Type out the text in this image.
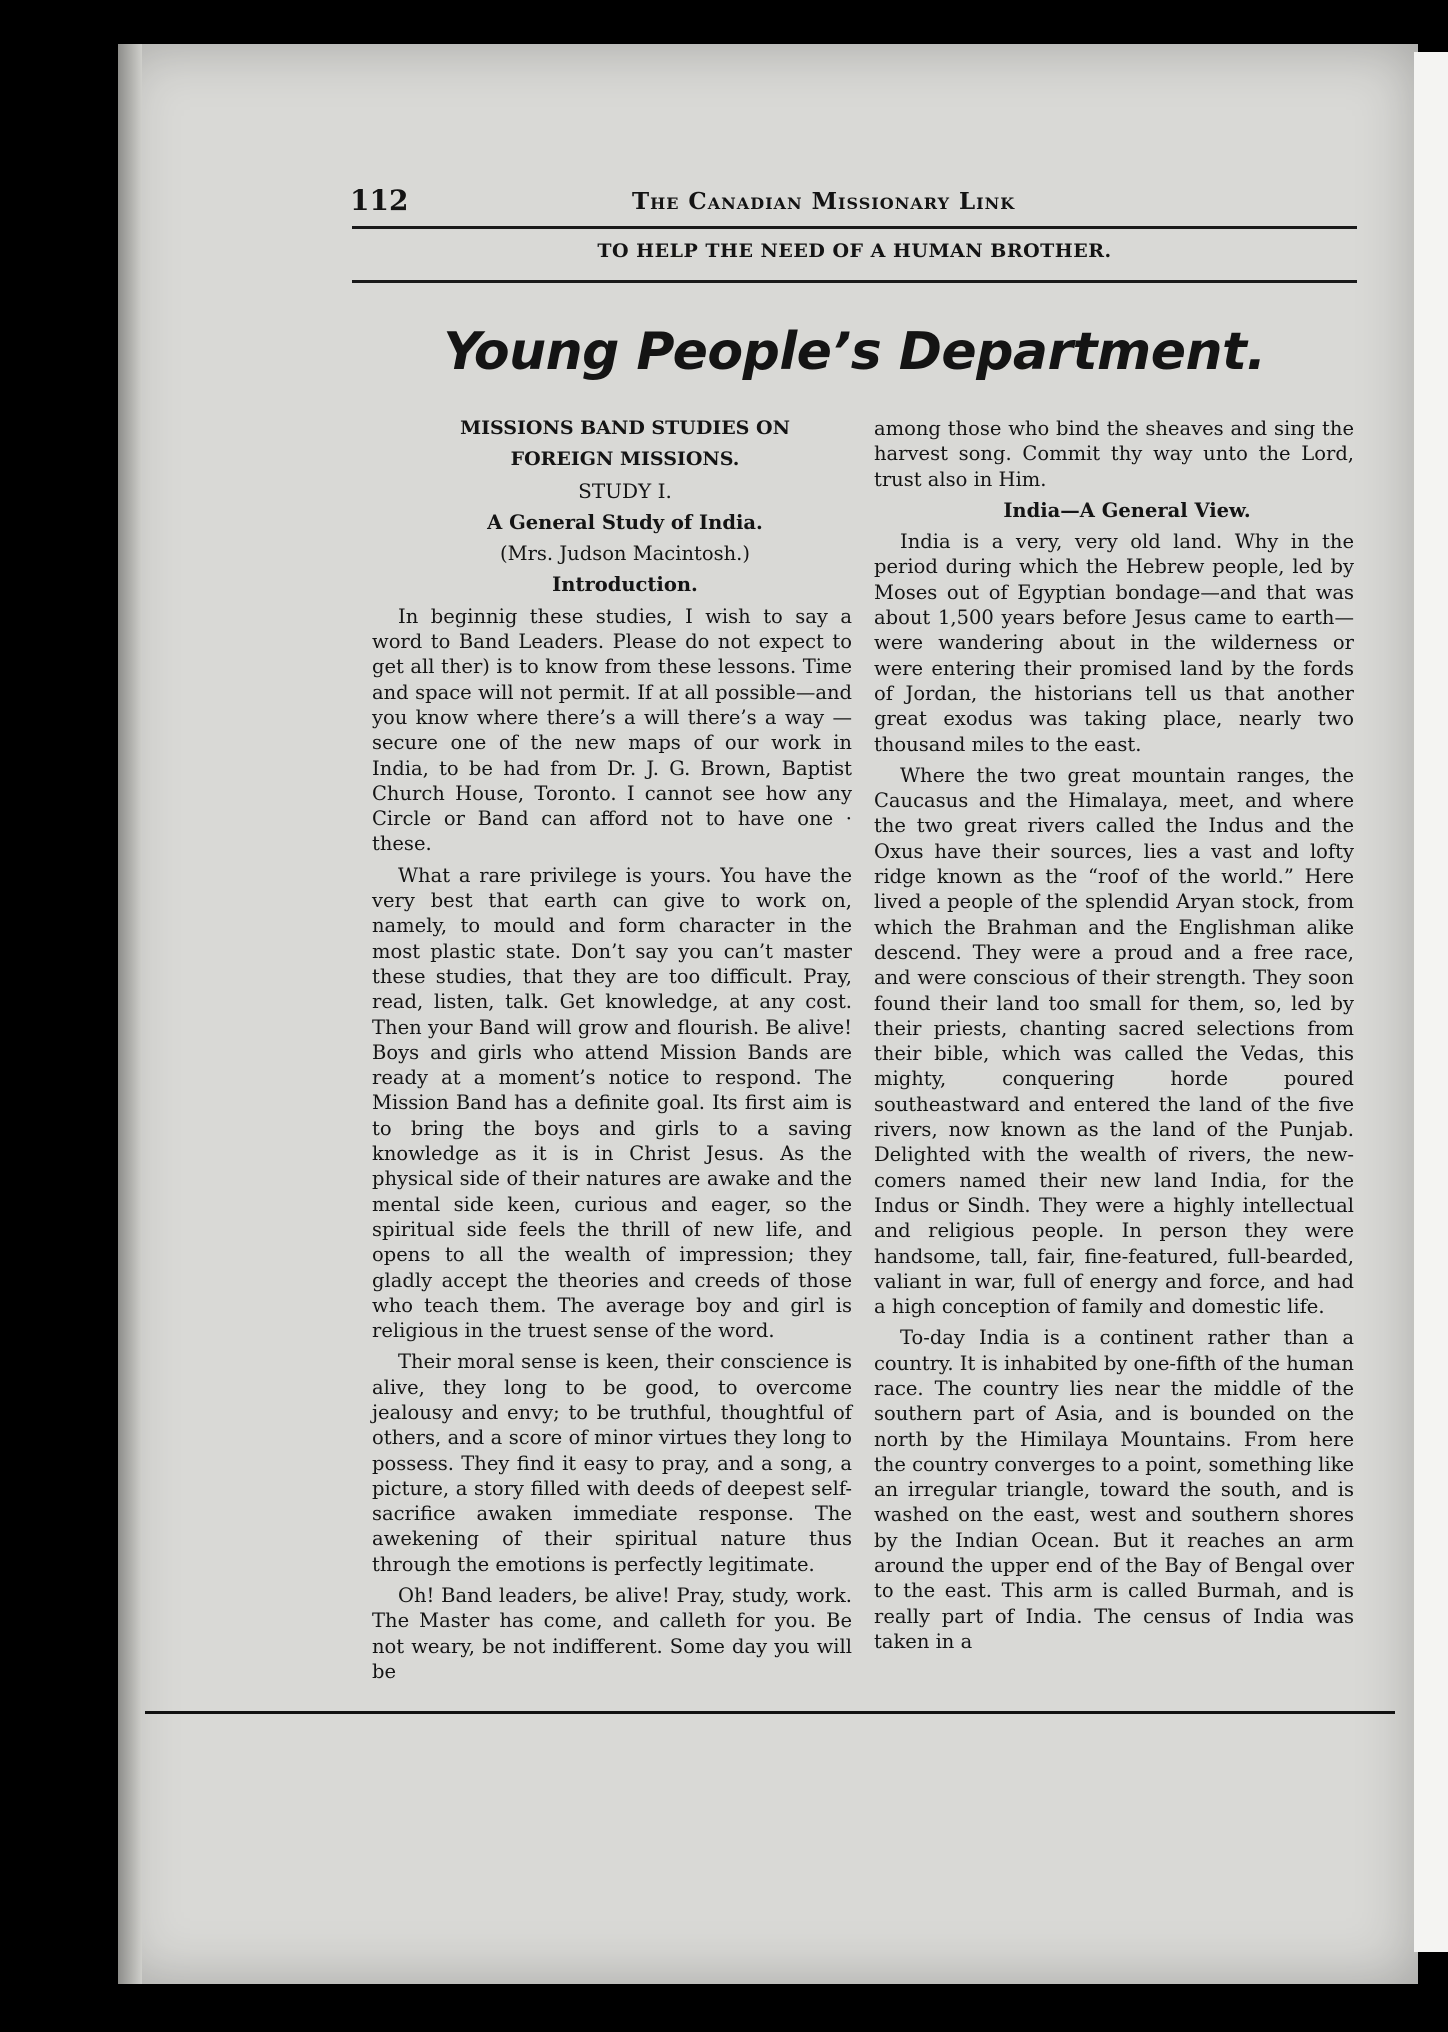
112	The Canadian Missionary Link
TO HELP THE NEED OF A HUMAN BROTHER.
Young People’s Department.

MISSIONS BAND STUDIES ON

FOREIGN MISSIONS.

STUDY I.

A General Study of India.

(Mrs. Judson Macintosh.)

Introduction.

In beginnig these studies, I wish to say a word to Band Leaders. Please do not expect to get all ther) is to know from these lessons. Time and space will not permit. If at all possible—and you know where there’s a will there’s a way —secure one of the new maps of our work in India, to be had from Dr. J. G. Brown, Baptist Church House, Toronto. I cannot see how any Circle or Band can afford not to have one · these.

What a rare privilege is yours. You have the very best that earth can give to work on, namely, to mould and form character in the most plastic state. Don’t say you can’t master these studies, that they are too difficult. Pray, read, listen, talk. Get knowledge, at any cost. Then your Band will grow and flourish. Be alive! Boys and girls who attend Mission Bands are ready at a moment’s notice to respond. The Mission Band has a definite goal. Its first aim is to bring the boys and girls to a saving knowledge as it is in Christ Jesus. As the physical side of their natures are awake and the mental side keen, curious and eager, so the spiritual side feels the thrill of new life, and opens to all the wealth of impression; they gladly accept the theories and creeds of those who teach them. The average boy and girl is religious in the truest sense of the word.

Their moral sense is keen, their conscience is alive, they long to be good, to overcome jealousy and envy; to be truthful, thoughtful of others, and a score of minor virtues they long to possess. They find it easy to pray, and a song, a picture, a story filled with deeds of deepest self-sacrifice awaken immediate response. The awekening of their spiritual nature thus through the emotions is perfectly legitimate.

Oh! Band leaders, be alive! Pray, study, work. The Master has come, and calleth for you. Be not weary, be not indifferent. Some day you will be

among those who bind the sheaves and sing the harvest song. Commit thy way unto the Lord, trust also in Him.

India—A General View.

India is a very, very old land. Why in the period during which the Hebrew people, led by Moses out of Egyptian bondage—and that was about 1,500 years before Jesus came to earth— were wandering about in the wilderness or were entering their promised land by the fords of Jordan, the historians tell us that another great exodus was taking place, nearly two thousand miles to the east.

Where the two great mountain ranges, the Caucasus and the Himalaya, meet, and where the two great rivers called the Indus and the Oxus have their sources, lies a vast and lofty ridge known as the “roof of the world.” Here lived a people of the splendid Aryan stock, from which the Brahman and the Englishman alike descend. They were a proud and a free race, and were conscious of their strength. They soon found their land too small for them, so, led by their priests, chanting sacred selections from their bible, which was called the Vedas, this mighty, conquering horde poured southeastward and entered the land of the five rivers, now known as the land of the Punjab. Delighted with the wealth of rivers, the new-comers named their new land India, for the Indus or Sindh. They were a highly intellectual and religious people. In person they were handsome, tall, fair, fine-featured, full-bearded, valiant in war, full of energy and force, and had a high conception of family and domestic life.

To-day India is a continent rather than a country. It is inhabited by one-fifth of the human race. The country lies near the middle of the southern part of Asia, and is bounded on the north by the Himilaya Mountains. From here the country converges to a point, something like an irregular triangle, toward the south, and is washed on the east, west and southern shores by the Indian Ocean. But it reaches an arm around the upper end of the Bay of Bengal over to the east. This arm is called Burmah, and is really part of India. The census of India was taken in a
